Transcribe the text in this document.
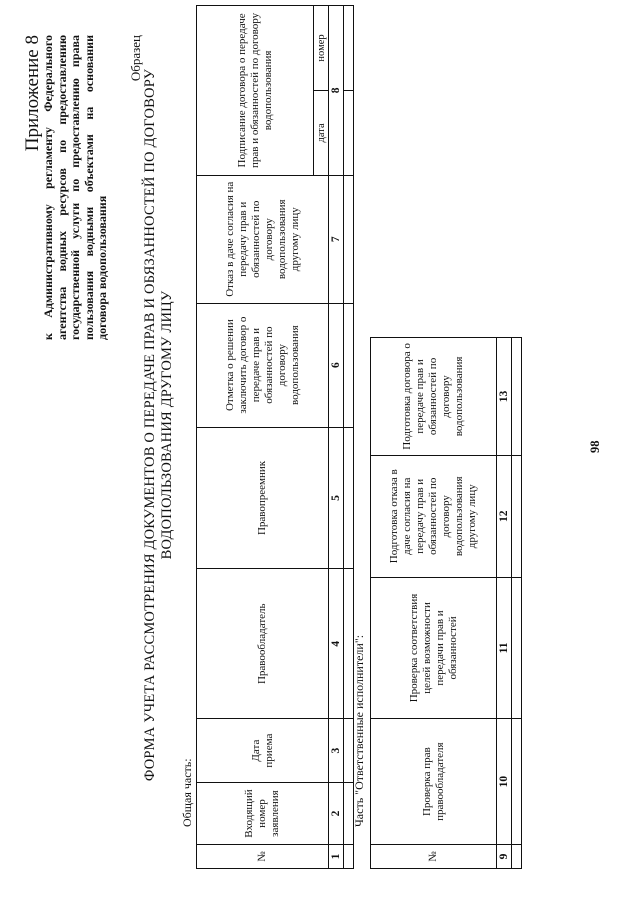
Приложение 8
к Административному регламенту Федерального агентства водных ресурсов по предоставлению государственной услуги по предоставлению права пользования водными объектами на основании договора водопользования
Образец
ФОРМА УЧЕТА РАССМОТРЕНИЯ ДОКУМЕНТОВ О ПЕРЕДАЧЕ ПРАВ И ОБЯЗАННОСТЕЙ ПО ДОГОВОРУ ВОДОПОЛЬЗОВАНИЯ ДРУГОМУ ЛИЦУ
Общая часть:
№	Входящий номер заявления	Дата приема	Правообладатель	Правопреемник	Отметка о решении заключить договор о передаче прав и обязанностей по договору водопользования	Отказ в даче согласия на передачу прав и обязанностей по договору водопользования другому лицу	Подписание договора о передаче прав и обязанностей по договору водопользования	
							дата	номер
1	2	3	4	5	6	7	8	

Часть "Ответственные исполнители":
№	Проверка прав правообладателя	Проверка соответствия целей возможности передачи прав и обязанностей	Подготовка отказа в даче согласия на передачу прав и обязанностей по договору водопользования другому лицу	Подготовка договора о передаче прав и обязанностей по договору водопользования
9	10	11	12	13

98
